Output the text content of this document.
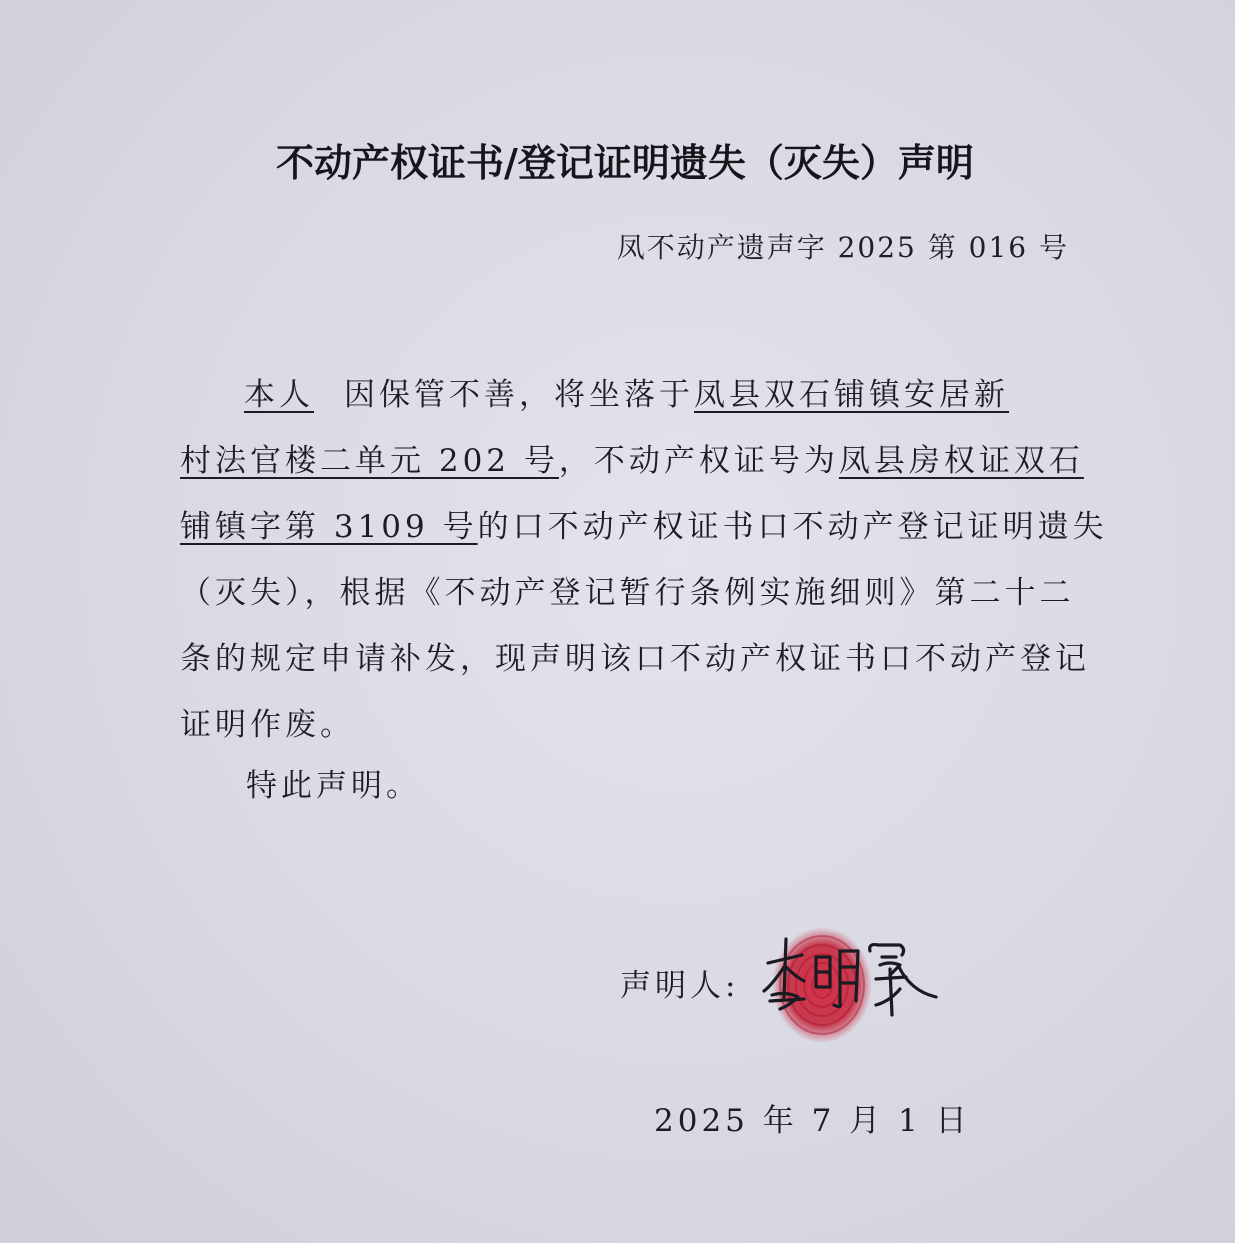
不动产权证书/登记证明遗失（灭失）声明
凤不动产遗声字 2025 第 016 号
本人 因保管不善，将坐落于凤县双石铺镇安居新
村法官楼二单元 202 号，不动产权证号为凤县房权证双石
铺镇字第 3109 号的口不动产权证书口不动产登记证明遗失
（灭失），根据《不动产登记暂行条例实施细则》第二十二
条的规定申请补发，现声明该口不动产权证书口不动产登记
证明作废。
特此声明。
声明人:
2025 年 7 月 1 日
